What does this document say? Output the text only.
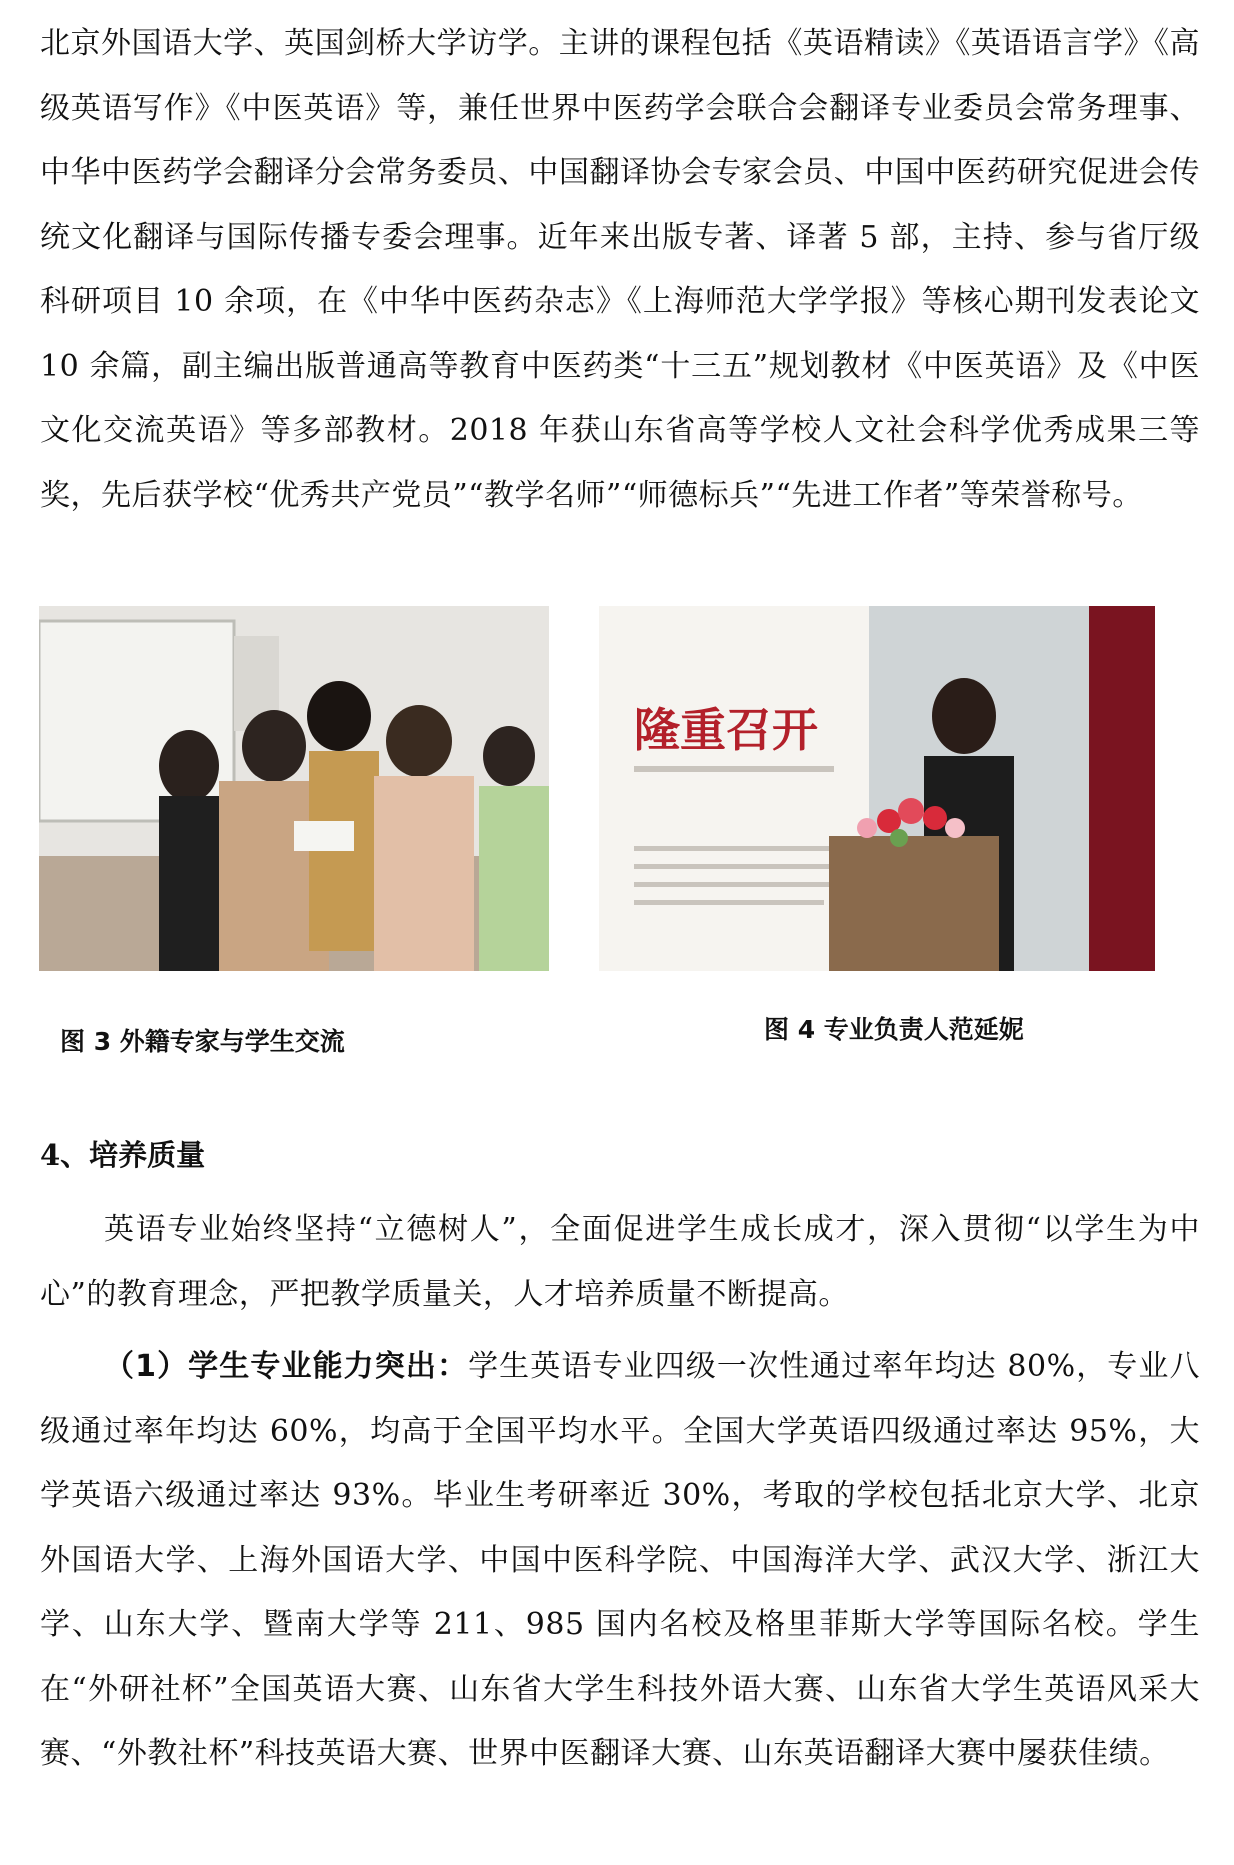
北京外国语大学、英国剑桥大学访学。主讲的课程包括《英语精读》《英语语言学》《高级英语写作》《中医英语》等，兼任世界中医药学会联合会翻译专业委员会常务理事、中华中医药学会翻译分会常务委员、中国翻译协会专家会员、中国中医药研究促进会传统文化翻译与国际传播专委会理事。近年来出版专著、译著 5 部，主持、参与省厅级科研项目 10 余项，在《中华中医药杂志》《上海师范大学学报》等核心期刊发表论文 10 余篇，副主编出版普通高等教育中医药类“十三五”规划教材《中医英语》及《中医文化交流英语》等多部教材。2018 年获山东省高等学校人文社会科学优秀成果三等奖，先后获学校“优秀共产党员”“教学名师”“师德标兵”“先进工作者”等荣誉称号。

隆重召开

图 3 外籍专家与学生交流	图 4 专业负责人范延妮

4、培养质量

英语专业始终坚持“立德树人”，全面促进学生成长成才，深入贯彻“以学生为中心”的教育理念，严把教学质量关，人才培养质量不断提高。

（1）学生专业能力突出：学生英语专业四级一次性通过率年均达 80%，专业八级通过率年均达 60%，均高于全国平均水平。全国大学英语四级通过率达 95%，大学英语六级通过率达 93%。毕业生考研率近 30%，考取的学校包括北京大学、北京外国语大学、上海外国语大学、中国中医科学院、中国海洋大学、武汉大学、浙江大学、山东大学、暨南大学等 211、985 国内名校及格里菲斯大学等国际名校。学生在“外研社杯”全国英语大赛、山东省大学生科技外语大赛、山东省大学生英语风采大赛、“外教社杯”科技英语大赛、世界中医翻译大赛、山东英语翻译大赛中屡获佳绩。
